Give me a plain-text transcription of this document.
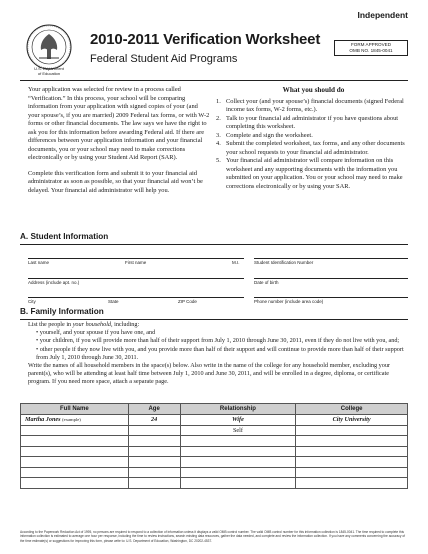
Independent
U.S. Department
of Education
2010-2011 Verification Worksheet
Federal Student Aid Programs
FORM APPROVED
OMB NO. 1845-0041

Your application was selected for review in a process called “Verification.” In this process, your school will be comparing information from your application with signed copies of your (and your spouse’s, if you are married) 2009 Federal tax forms, or with W-2 forms or other financial documents. The law says we have the right to ask you for this information before awarding Federal aid. If there are differences between your application information and your financial documents, you or your school may need to make corrections electronically or by using your Student Aid Report (SAR).

Complete this verification form and submit it to your financial aid administrator as soon as possible, so that your financial aid won’t be delayed. Your financial aid administrator will help you.

What you should do
1. Collect your (and your spouse’s) financial documents (signed Federal income tax forms, W-2 forms, etc.).
2. Talk to your financial aid administrator if you have questions about completing this worksheet.
3. Complete and sign the worksheet.
4. Submit the completed worksheet, tax forms, and any other documents your school requests to your financial aid administrator.
5. Your financial aid administrator will compare information on this worksheet and any supporting documents with the information you submitted on your application. You or your school may need to make corrections electronically or by using your SAR.
A. Student Information
Last name	First name	M.I.	Student Identification Number
Address (include apt. no.)	Date of birth
City	State	ZIP Code	Phone number (include area code)
B. Family Information
List the people in your household, including:
• yourself, and your spouse if you have one, and
• your children, if you will provide more than half of their support from July 1, 2010 through June 30, 2011, even if they do not live with you, and;
• other people if they now live with you, and you provide more than half of their support and will continue to provide more than half of their support from July 1, 2010 through June 30, 2011.
Write the names of all household members in the space(s) below. Also write in the name of the college for any household member, excluding your parent(s), who will be attending at least half time between July 1, 2010 and June 30, 2011, and will be enrolled in a degree, diploma, or certificate program. If you need more space, attach a separate page.
Full Name	Age	Relationship	College
Martha Jones (example)	24	Wife	City University
		Self	

According to the Paperwork Reduction Act of 1995, no persons are required to respond to a collection of information unless it displays a valid OMB control number. The valid OMB control number for this information collection is 1845-0041. The time required to complete this information collection is estimated to average one hour per response, including the time to review instructions, search existing data resources, gather the data needed, and complete and review the information collection. If you have any comments concerning the accuracy of the time estimate(s) or suggestions for improving this form, please write to: U.S. Department of Education, Washington, DC 20202-4537.
